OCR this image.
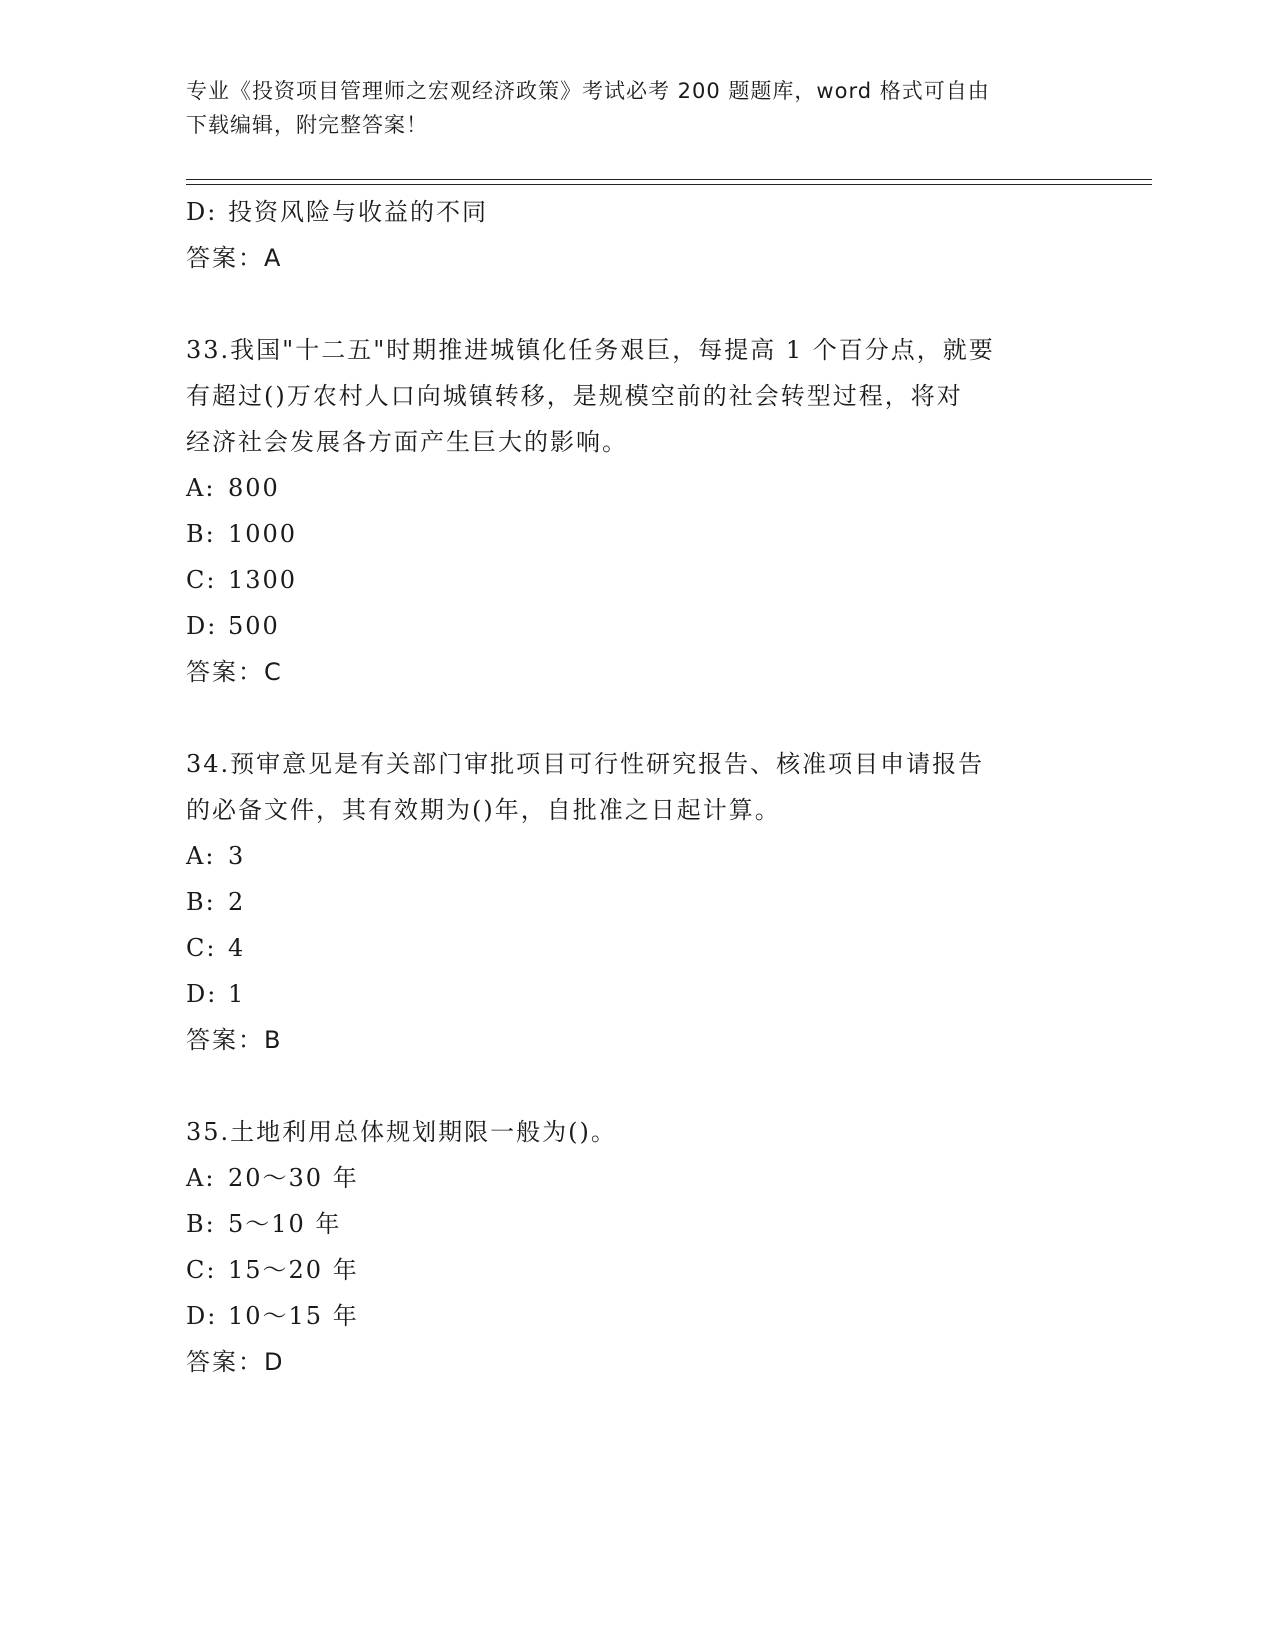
专业《投资项目管理师之宏观经济政策》考试必考 200 题题库，word 格式可自由
下载编辑，附完整答案！
D: 投资风险与收益的不同
答案：A
33.我国"十二五"时期推进城镇化任务艰巨，每提高 1 个百分点，就要
有超过()万农村人口向城镇转移，是规模空前的社会转型过程，将对
经济社会发展各方面产生巨大的影响。
A: 800
B: 1000
C: 1300
D: 500
答案：C
34.预审意见是有关部门审批项目可行性研究报告、核准项目申请报告
的必备文件，其有效期为()年，自批准之日起计算。
A: 3
B: 2
C: 4
D: 1
答案：B
35.土地利用总体规划期限一般为()。
A: 20～30 年
B: 5～10 年
C: 15～20 年
D: 10～15 年
答案：D
